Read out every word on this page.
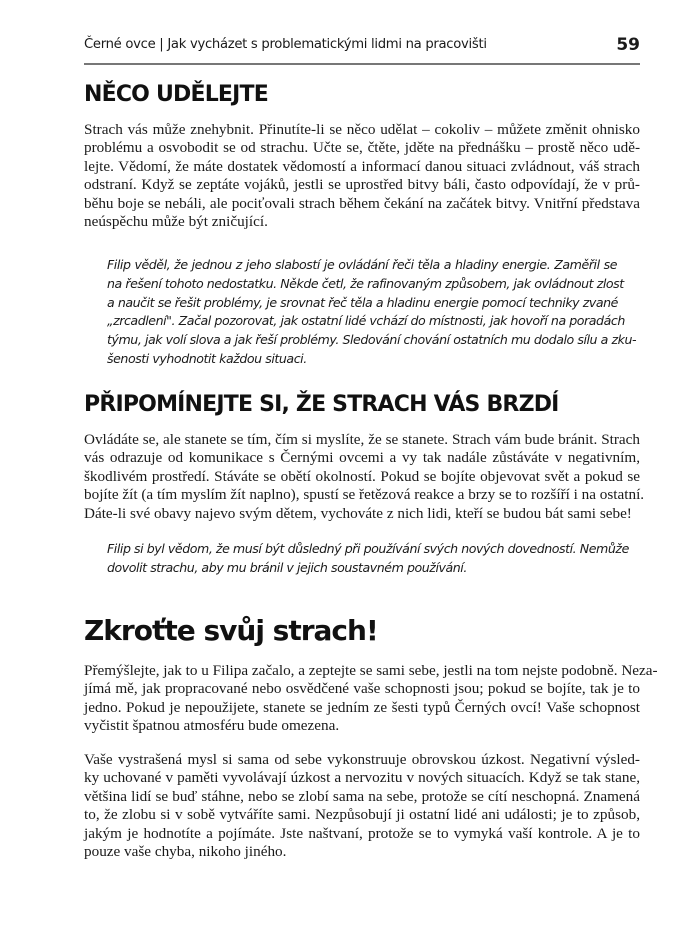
Černé ovce | Jak vycházet s problematickými lidmi na pracovišti	59
NĚCO UDĚLEJTE
Strach vás může znehybnit. Přinutíte-li se něco udělat – cokoliv – můžete změnit ohnisko
problému a osvobodit se od strachu. Učte se, čtěte, jděte na přednášku – prostě něco udě-
lejte. Vědomí, že máte dostatek vědomostí a informací danou situaci zvládnout, váš strach
odstraní. Když se zeptáte vojáků, jestli se uprostřed bitvy báli, často odpovídají, že v prů-
běhu boje se nebáli, ale pociťovali strach během čekání na začátek bitvy. Vnitřní představa
neúspěchu může být zničující.
Filip věděl, že jednou z jeho slabostí je ovládání řeči těla a hladiny energie. Zaměřil se
na řešení tohoto nedostatku. Někde četl, že rafinovaným způsobem, jak ovládnout zlost
a naučit se řešit problémy, je srovnat řeč těla a hladinu energie pomocí techniky zvané
„zrcadlení". Začal pozorovat, jak ostatní lidé vchází do místnosti, jak hovoří na poradách
týmu, jak volí slova a jak řeší problémy. Sledování chování ostatních mu dodalo sílu a zku-
šenosti vyhodnotit každou situaci.
PŘIPOMÍNEJTE SI, ŽE STRACH VÁS BRZDÍ
Ovládáte se, ale stanete se tím, čím si myslíte, že se stanete. Strach vám bude bránit. Strach
vás odrazuje od komunikace s Černými ovcemi a vy tak nadále zůstáváte v negativním,
škodlivém prostředí. Stáváte se obětí okolností. Pokud se bojíte objevovat svět a pokud se
bojíte žít (a tím myslím žít naplno), spustí se řetězová reakce a brzy se to rozšíří i na ostatní.
Dáte-li své obavy najevo svým dětem, vychováte z nich lidi, kteří se budou bát sami sebe!
Filip si byl vědom, že musí být důsledný při používání svých nových dovedností. Nemůže
dovolit strachu, aby mu bránil v jejich soustavném používání.
Zkroťte svůj strach!
Přemýšlejte, jak to u Filipa začalo, a zeptejte se sami sebe, jestli na tom nejste podobně. Neza-
jímá mě, jak propracované nebo osvědčené vaše schopnosti jsou; pokud se bojíte, tak je to
jedno. Pokud je nepoužijete, stanete se jedním ze šesti typů Černých ovcí! Vaše schopnost
vyčistit špatnou atmosféru bude omezena.
Vaše vystrašená mysl si sama od sebe vykonstruuje obrovskou úzkost. Negativní výsled-
ky uchované v paměti vyvolávají úzkost a nervozitu v nových situacích. Když se tak stane,
většina lidí se buď stáhne, nebo se zlobí sama na sebe, protože se cítí neschopná. Znamená
to, že zlobu si v sobě vytváříte sami. Nezpůsobují ji ostatní lidé ani události; je to způsob,
jakým je hodnotíte a pojímáte. Jste naštvaní, protože se to vymyká vaší kontrole. A je to
pouze vaše chyba, nikoho jiného.
